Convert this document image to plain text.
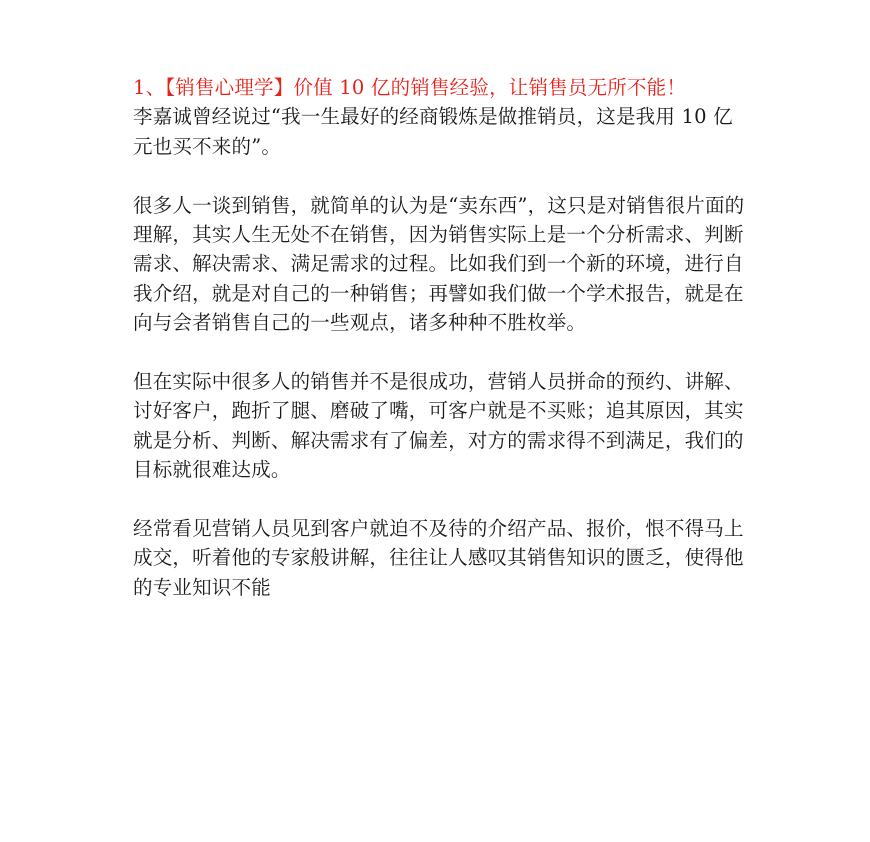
1、【销售心理学】价值 10 亿的销售经验，让销售员无所不能！

李嘉诚曾经说过“我一生最好的经商锻炼是做推销员，这是我用 10 亿元也买不来的”。

很多人一谈到销售，就简单的认为是“卖东西”，这只是对销售很片面的理解，其实人生无处不在销售，因为销售实际上是一个分析需求、判断需求、解决需求、满足需求的过程。比如我们到一个新的环境，进行自我介绍，就是对自己的一种销售；再譬如我们做一个学术报告，就是在向与会者销售自己的一些观点，诸多种种不胜枚举。

但在实际中很多人的销售并不是很成功，营销人员拼命的预约、讲解、讨好客户，跑折了腿、磨破了嘴，可客户就是不买账；追其原因，其实就是分析、判断、解决需求有了偏差，对方的需求得不到满足，我们的目标就很难达成。

经常看见营销人员见到客户就迫不及待的介绍产品、报价，恨不得马上成交，听着他的专家般讲解，往往让人感叹其销售知识的匮乏，使得他的专业知识不能
